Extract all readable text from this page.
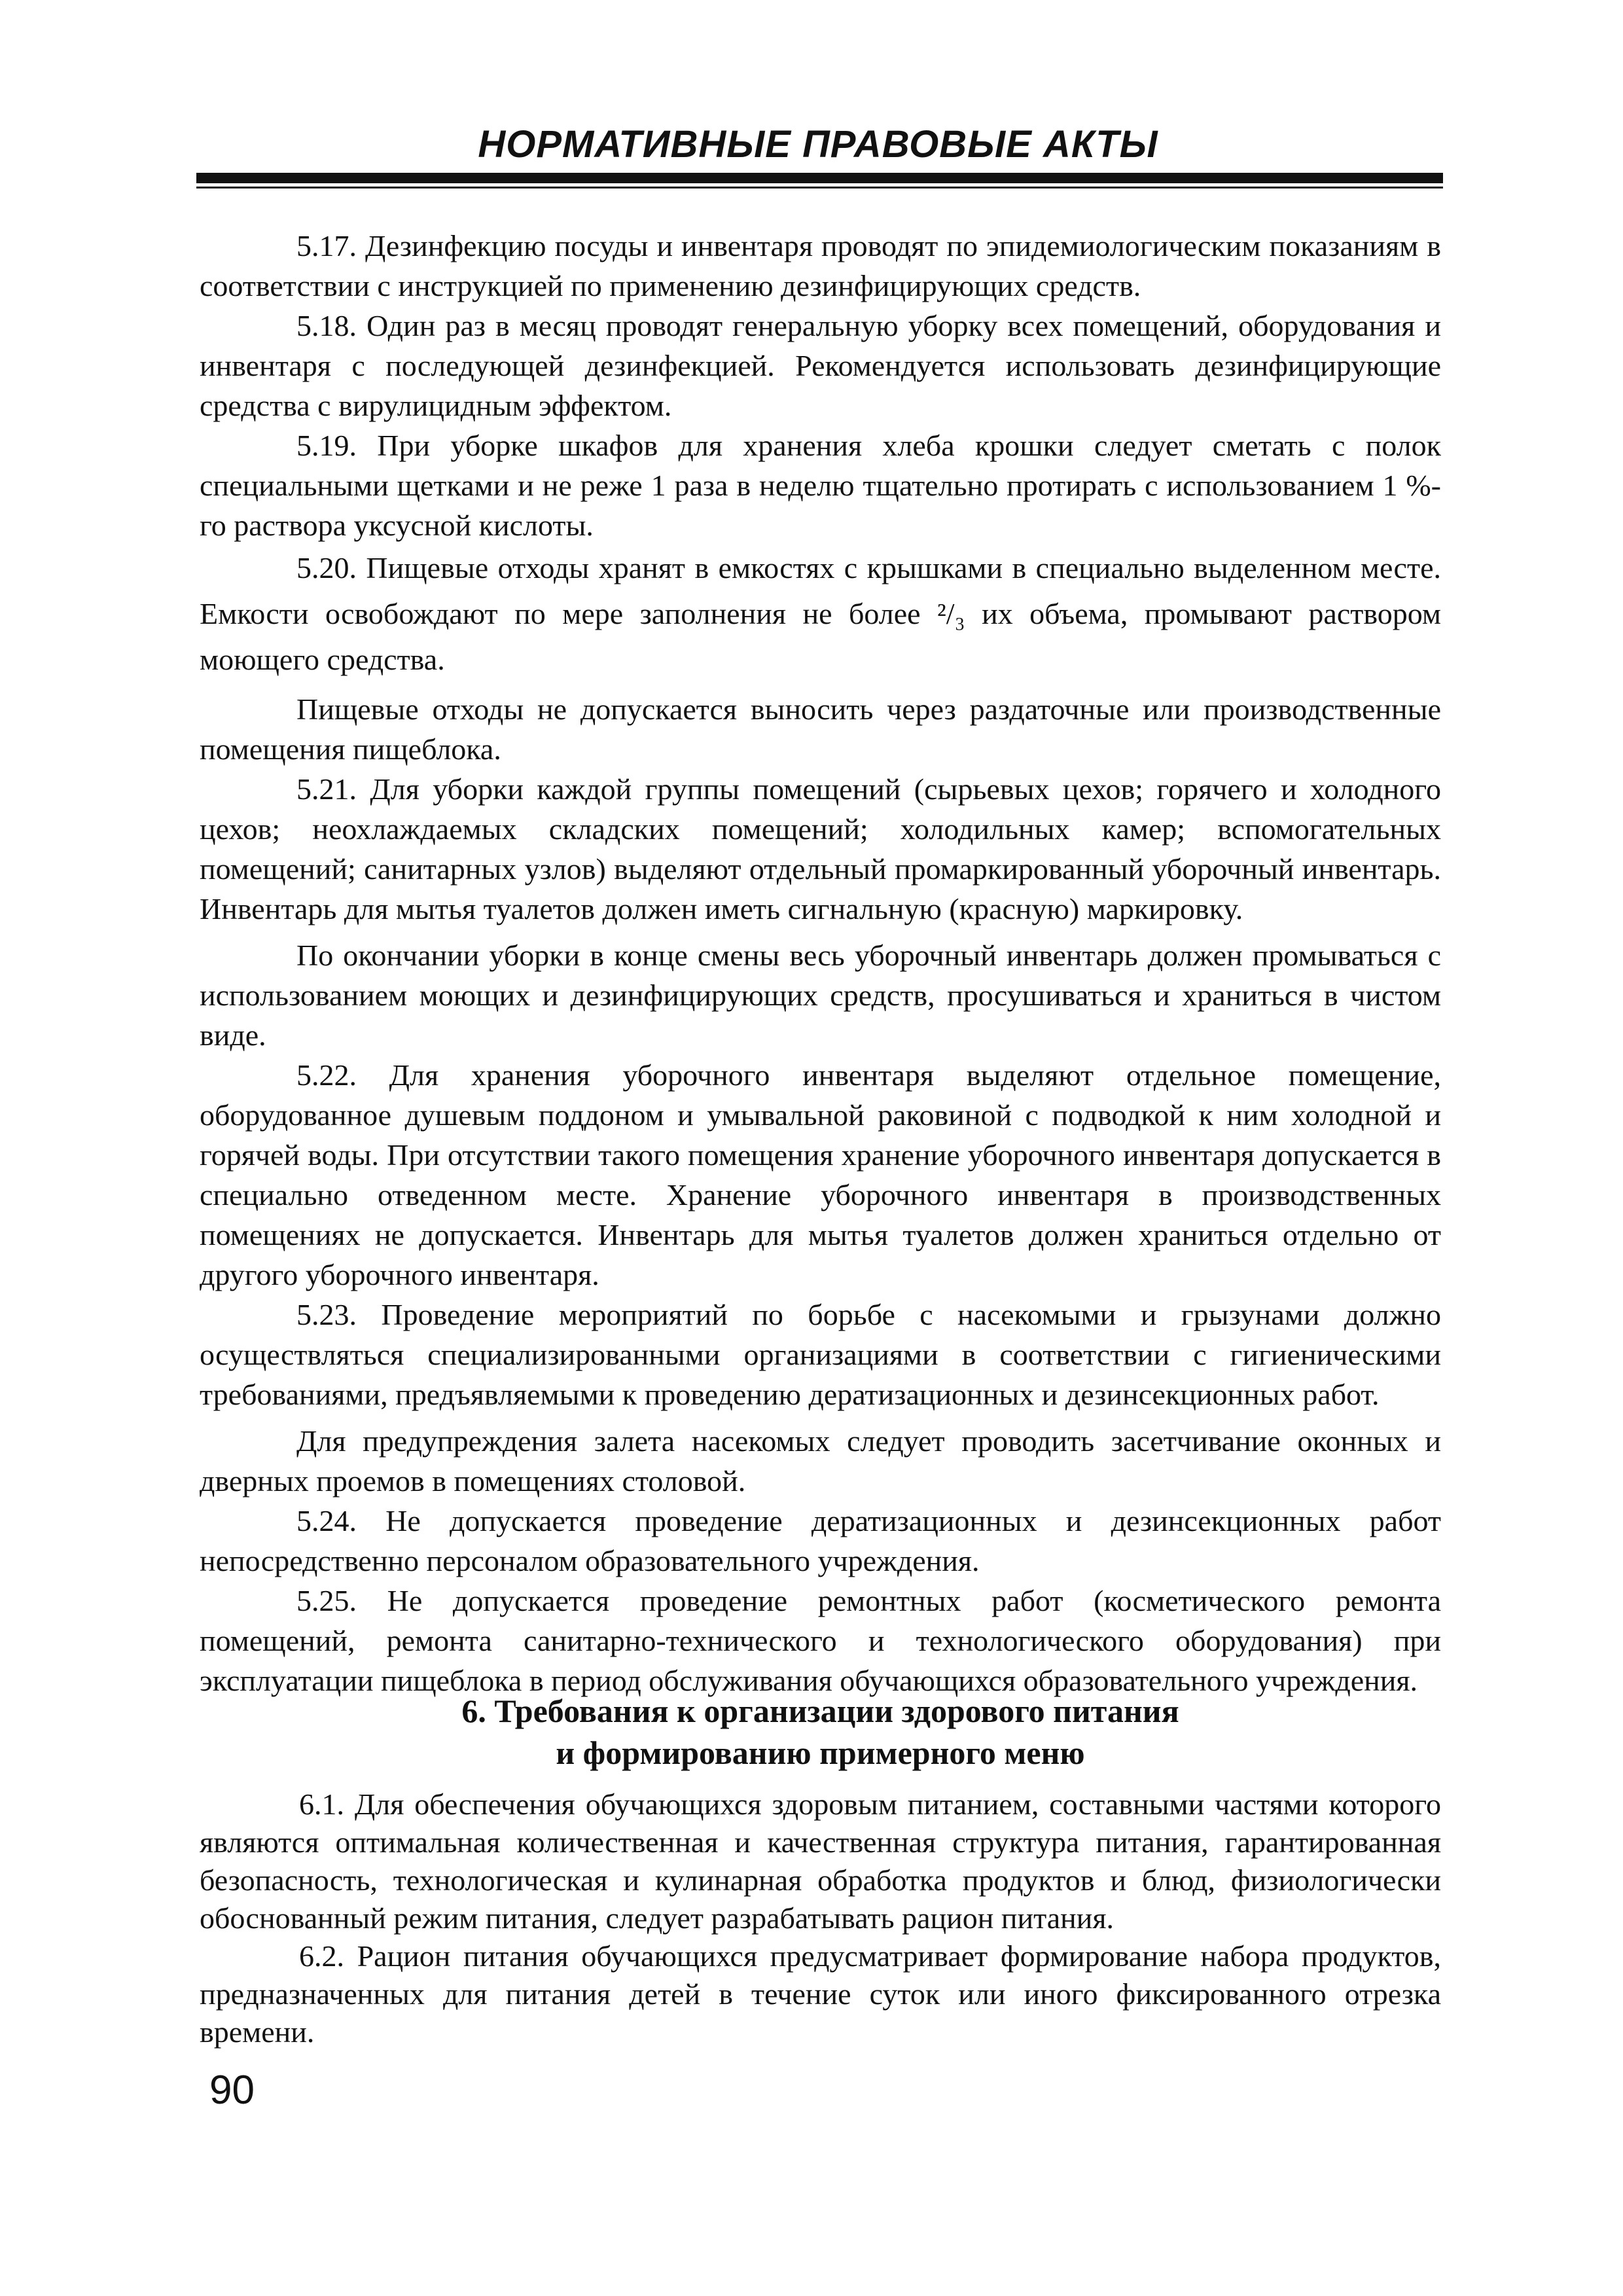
НОРМАТИВНЫЕ ПРАВОВЫЕ АКТЫ

5.17. Дезинфекцию посуды и инвентаря проводят по эпидемиологическим показаниям в соответствии с инструкцией по применению дезинфицирующих средств.

5.18. Один раз в месяц проводят генеральную уборку всех помещений, оборудования и инвентаря с последующей дезинфекцией. Рекомендуется использовать дезинфицирующие средства с вирулицидным эффектом.

5.19. При уборке шкафов для хранения хлеба крошки следует сметать с полок специальными щетками и не реже 1 раза в неделю тщательно протирать с использованием 1 %-го раствора уксусной кислоты.

5.20. Пищевые отходы хранят в емкостях с крышками в специально выделенном месте. Емкости освобождают по мере заполнения не более ²/₃ их объема, промывают раствором моющего средства.

Пищевые отходы не допускается выносить через раздаточные или производственные помещения пищеблока.

5.21. Для уборки каждой группы помещений (сырьевых цехов; горячего и холодного цехов; неохлаждаемых складских помещений; холодильных камер; вспомогательных помещений; санитарных узлов) выделяют отдельный промаркированный уборочный инвентарь. Инвентарь для мытья туалетов должен иметь сигнальную (красную) маркировку.

По окончании уборки в конце смены весь уборочный инвентарь должен промываться с использованием моющих и дезинфицирующих средств, просушиваться и храниться в чистом виде.

5.22. Для хранения уборочного инвентаря выделяют отдельное помещение, оборудованное душевым поддоном и умывальной раковиной с подводкой к ним холодной и горячей воды. При отсутствии такого помещения хранение уборочного инвентаря допускается в специально отведенном месте. Хранение уборочного инвентаря в производственных помещениях не допускается. Инвентарь для мытья туалетов должен храниться отдельно от другого уборочного инвентаря.

5.23. Проведение мероприятий по борьбе с насекомыми и грызунами должно осуществляться специализированными организациями в соответствии с гигиеническими требованиями, предъявляемыми к проведению дератизационных и дезинсекционных работ.

Для предупреждения залета насекомых следует проводить засетчивание оконных и дверных проемов в помещениях столовой.

5.24. Не допускается проведение дератизационных и дезинсекционных работ непосредственно персоналом образовательного учреждения.

5.25. Не допускается проведение ремонтных работ (косметического ремонта помещений, ремонта санитарно-технического и технологического оборудования) при эксплуатации пищеблока в период обслуживания обучающихся образовательного учреждения.

6. Требования к организации здорового питания
и формированию примерного меню

6.1. Для обеспечения обучающихся здоровым питанием, составными частями которого являются оптимальная количественная и качественная структура питания, гарантированная безопасность, технологическая и кулинарная обработка продуктов и блюд, физиологически обоснованный режим питания, следует разрабатывать рацион питания.

6.2. Рацион питания обучающихся предусматривает формирование набора продуктов, предназначенных для питания детей в течение суток или иного фиксированного отрезка времени.

90
